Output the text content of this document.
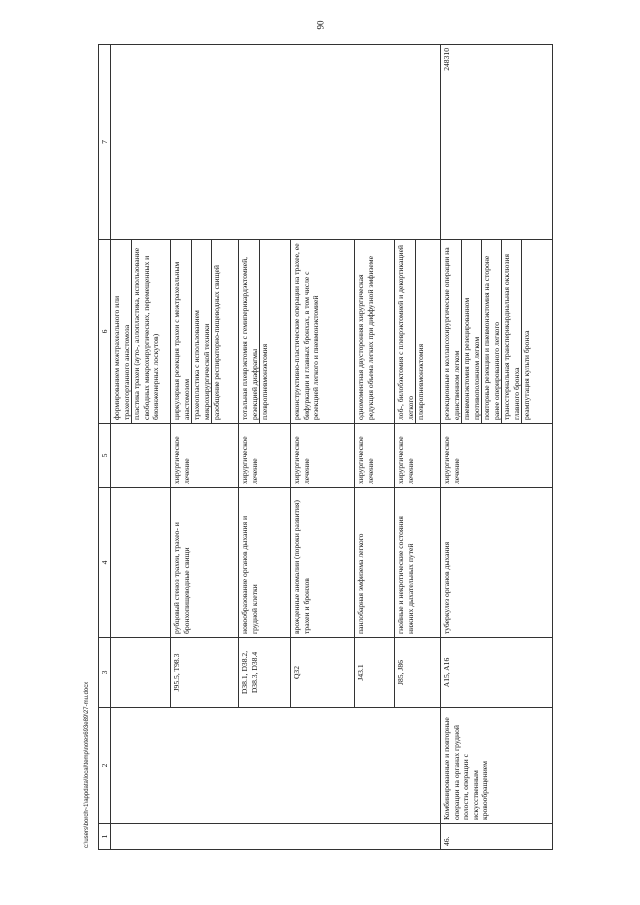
90
c:\users\borch~1\appdata\local\temp\notes693e89\27-mu.docx 1	2	3	4	5	6	7

					формированием межтрахеального или трахеогортанного анастомоза пластика трахеи (ауто-, аллопластика, использование свободных микрохирургических, перемещенных и биоинженерных лоскутов)	

		J95.5, T98.3	рубцовый стеноз трахеи, трахео- и бронхопищеводные свищи	хирургическое лечение	циркулярная резекция трахеи с межтрахеальным анастомозом трахеопластика с использованием микрохирургической техники разобщение респираторно-пищеводных свищей	

		D38.1, D38.2, D38.3, D38.4	новообразование органов дыхания и грудной клетки	хирургическое лечение	тотальная плеврэктомия с гемиперикардэктомией, резекцией диафрагмы плевропневмонэктомия	

		Q32	врожденные аномалии (пороки развития) трахеи и бронхов	хирургическое лечение	реконструктивно-пластические операции на трахее, ее бифуркации и главных бронхах, в том числе с резекцией легкого и пневмонэктомией	
		J43.1	панлобарная эмфизема легкого	хирургическое лечение	одномоментная двусторонняя хирургическая редукция объема легких при диффузной эмфиземе	
		J85, J86	гнойные и некротические состояния нижних дыхательных путей	хирургическое лечение	лоб-, билобэктомия с плеврэктомией и декортикацией легкого плевропневмонэктомия	

46.	Комбинированные и повторные операции на органах грудной полости, операции с искусственным кровообращением	A15, A16	туберкулез органов дыхания	хирургическое лечение	резекционные и коллапсохирургические операции на единственном легком пневмонэктомия при резецированном противоположном легком повторные резекции и пневмонэктомия на стороне ранее оперированного легкого трансстернальная трансперикардиальная окклюзия главного бронха реампутация культи бронха	248310
